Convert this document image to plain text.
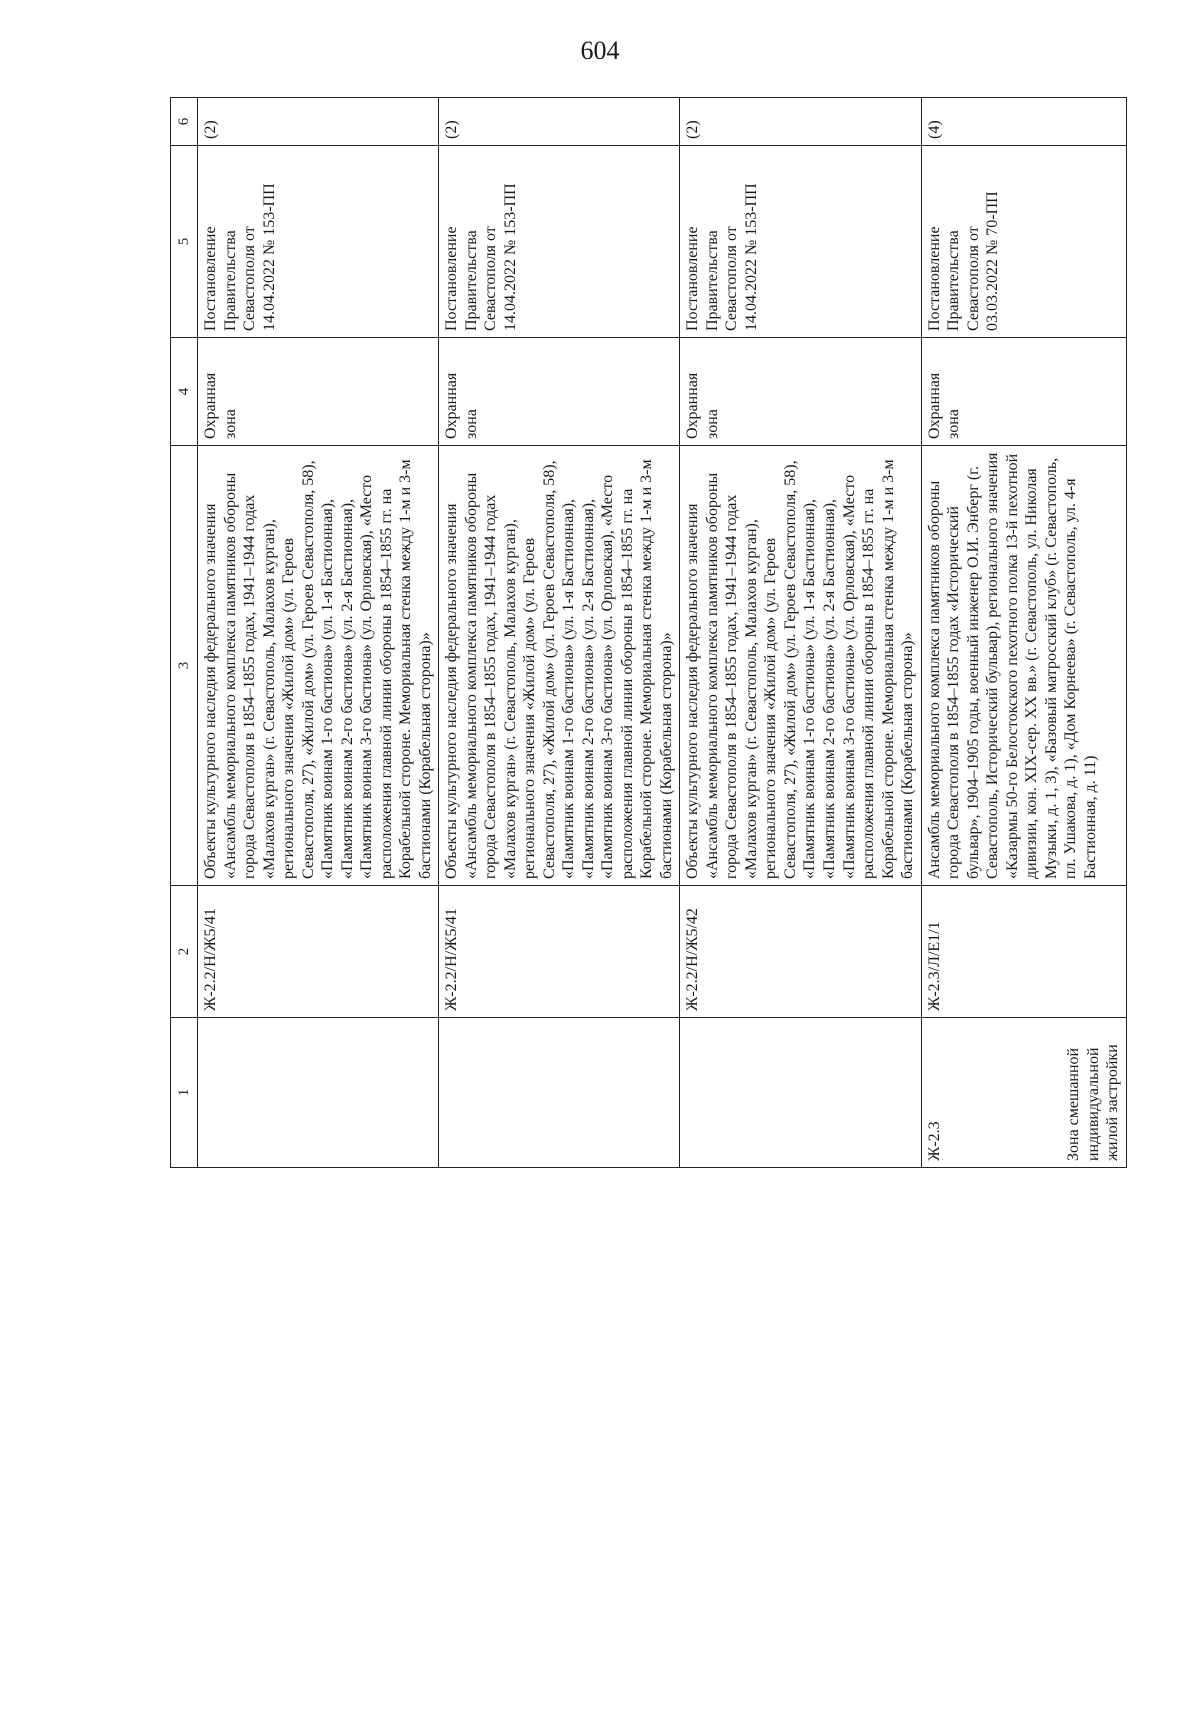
604
1	2	3	4	5	6

	Ж-2.2/Н/Ж5/41	Объекты культурного наследия федерального значения «Ансамбль мемориального комплекса памятников обороны города Севастополя в 1854–1855 годах, 1941–1944 годах «Малахов курган» (г. Севастополь, Малахов курган), регионального значения «Жилой дом» (ул. Героев Севастополя, 27), «Жилой дом» (ул. Героев Севастополя, 58), «Памятник воинам 1-го бастиона» (ул. 1-я Бастионная), «Памятник воинам 2-го бастиона» (ул. 2-я Бастионная), «Памятник воинам 3-го бастиона» (ул. Орловская), «Место расположения главной линии обороны в 1854–1855 гг. на Корабельной стороне. Мемориальная стенка между 1-м и 3-м бастионами (Корабельная сторона)»	Охранная зона	Постановление Правительства Севастополя от 14.04.2022 № 153-ПП	(2)

	Ж-2.2/Н/Ж5/41	Объекты культурного наследия федерального значения «Ансамбль мемориального комплекса памятников обороны города Севастополя в 1854–1855 годах, 1941–1944 годах «Малахов курган» (г. Севастополь, Малахов курган), регионального значения «Жилой дом» (ул. Героев Севастополя, 27), «Жилой дом» (ул. Героев Севастополя, 58), «Памятник воинам 1-го бастиона» (ул. 1-я Бастионная), «Памятник воинам 2-го бастиона» (ул. 2-я Бастионная), «Памятник воинам 3-го бастиона» (ул. Орловская), «Место расположения главной линии обороны в 1854–1855 гг. на Корабельной стороне. Мемориальная стенка между 1-м и 3-м бастионами (Корабельная сторона)»	Охранная зона	Постановление Правительства Севастополя от 14.04.2022 № 153-ПП	(2)

	Ж-2.2/Н/Ж5/42	Объекты культурного наследия федерального значения «Ансамбль мемориального комплекса памятников обороны города Севастополя в 1854–1855 годах, 1941–1944 годах «Малахов курган» (г. Севастополь, Малахов курган), регионального значения «Жилой дом» (ул. Героев Севастополя, 27), «Жилой дом» (ул. Героев Севастополя, 58), «Памятник воинам 1-го бастиона» (ул. 1-я Бастионная), «Памятник воинам 2-го бастиона» (ул. 2-я Бастионная), «Памятник воинам 3-го бастиона» (ул. Орловская), «Место расположения главной линии обороны в 1854–1855 гг. на Корабельной стороне. Мемориальная стенка между 1-м и 3-м бастионами (Корабельная сторона)»	Охранная зона	Постановление Правительства Севастополя от 14.04.2022 № 153-ПП	(2)

Ж-2.3 Зона смешанной индивидуальной жилой застройки	Ж-2.3/Л/Е1/1	Ансамбль мемориального комплекса памятников обороны города Севастополя в 1854–1855 годах «Исторический бульвар», 1904–1905 годы, военный инженер О.И. Энберг (г. Севастополь, Исторический бульвар), регионального значения «Казармы 50-го Белостокского пехотного полка 13-й пехотной дивизии, кон. XIX-сер. XX вв.» (г. Севастополь, ул. Николая Музыки, д. 1, 3), «Базовый матросский клуб» (г. Севастополь, пл. Ушакова, д. 1), «Дом Корнеева» (г. Севастополь, ул. 4-я Бастионная, д. 11)	Охранная зона	Постановление Правительства Севастополя от 03.03.2022 № 70-ПП	(4)
